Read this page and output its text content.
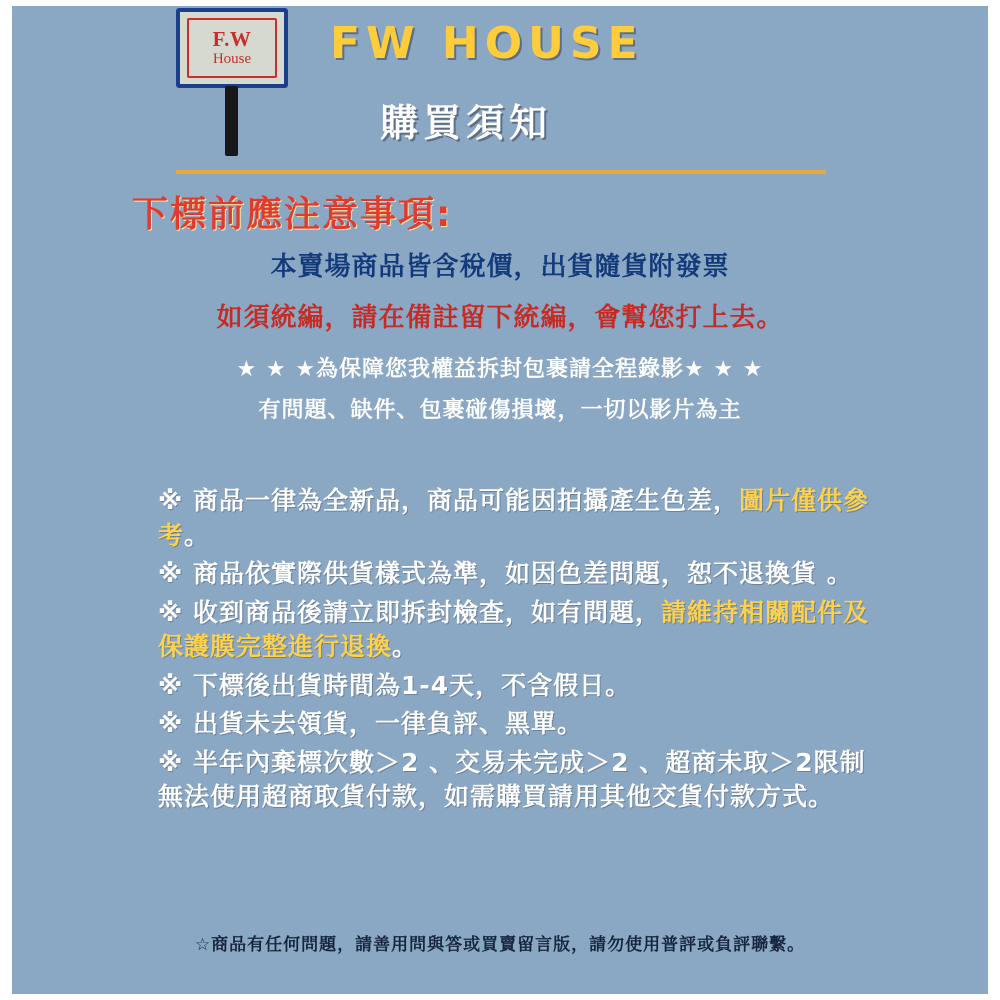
F.W
House FW HOUSE
購買須知
下標前應注意事項:
本賣場商品皆含稅價，出貨隨貨附發票
如須統編，請在備註留下統編，會幫您打上去。
★ ★ ★為保障您我權益拆封包裹請全程錄影★ ★ ★
有問題、缺件、包裹碰傷損壞，一切以影片為主
※ 商品一律為全新品，商品可能因拍攝產生色差，圖片僅供參考。
※ 商品依實際供貨樣式為準，如因色差問題，恕不退換貨 。
※ 收到商品後請立即拆封檢查，如有問題，請維持相關配件及保護膜完整進行退換。
※ 下標後出貨時間為1-4天，不含假日。
※ 出貨未去領貨，一律負評、黑單。
※ 半年內棄標次數＞2 、交易未完成＞2 、超商未取＞2限制無法使用超商取貨付款，如需購買請用其他交貨付款方式。
☆商品有任何問題，請善用問與答或買賣留言版，請勿使用普評或負評聯繫。
